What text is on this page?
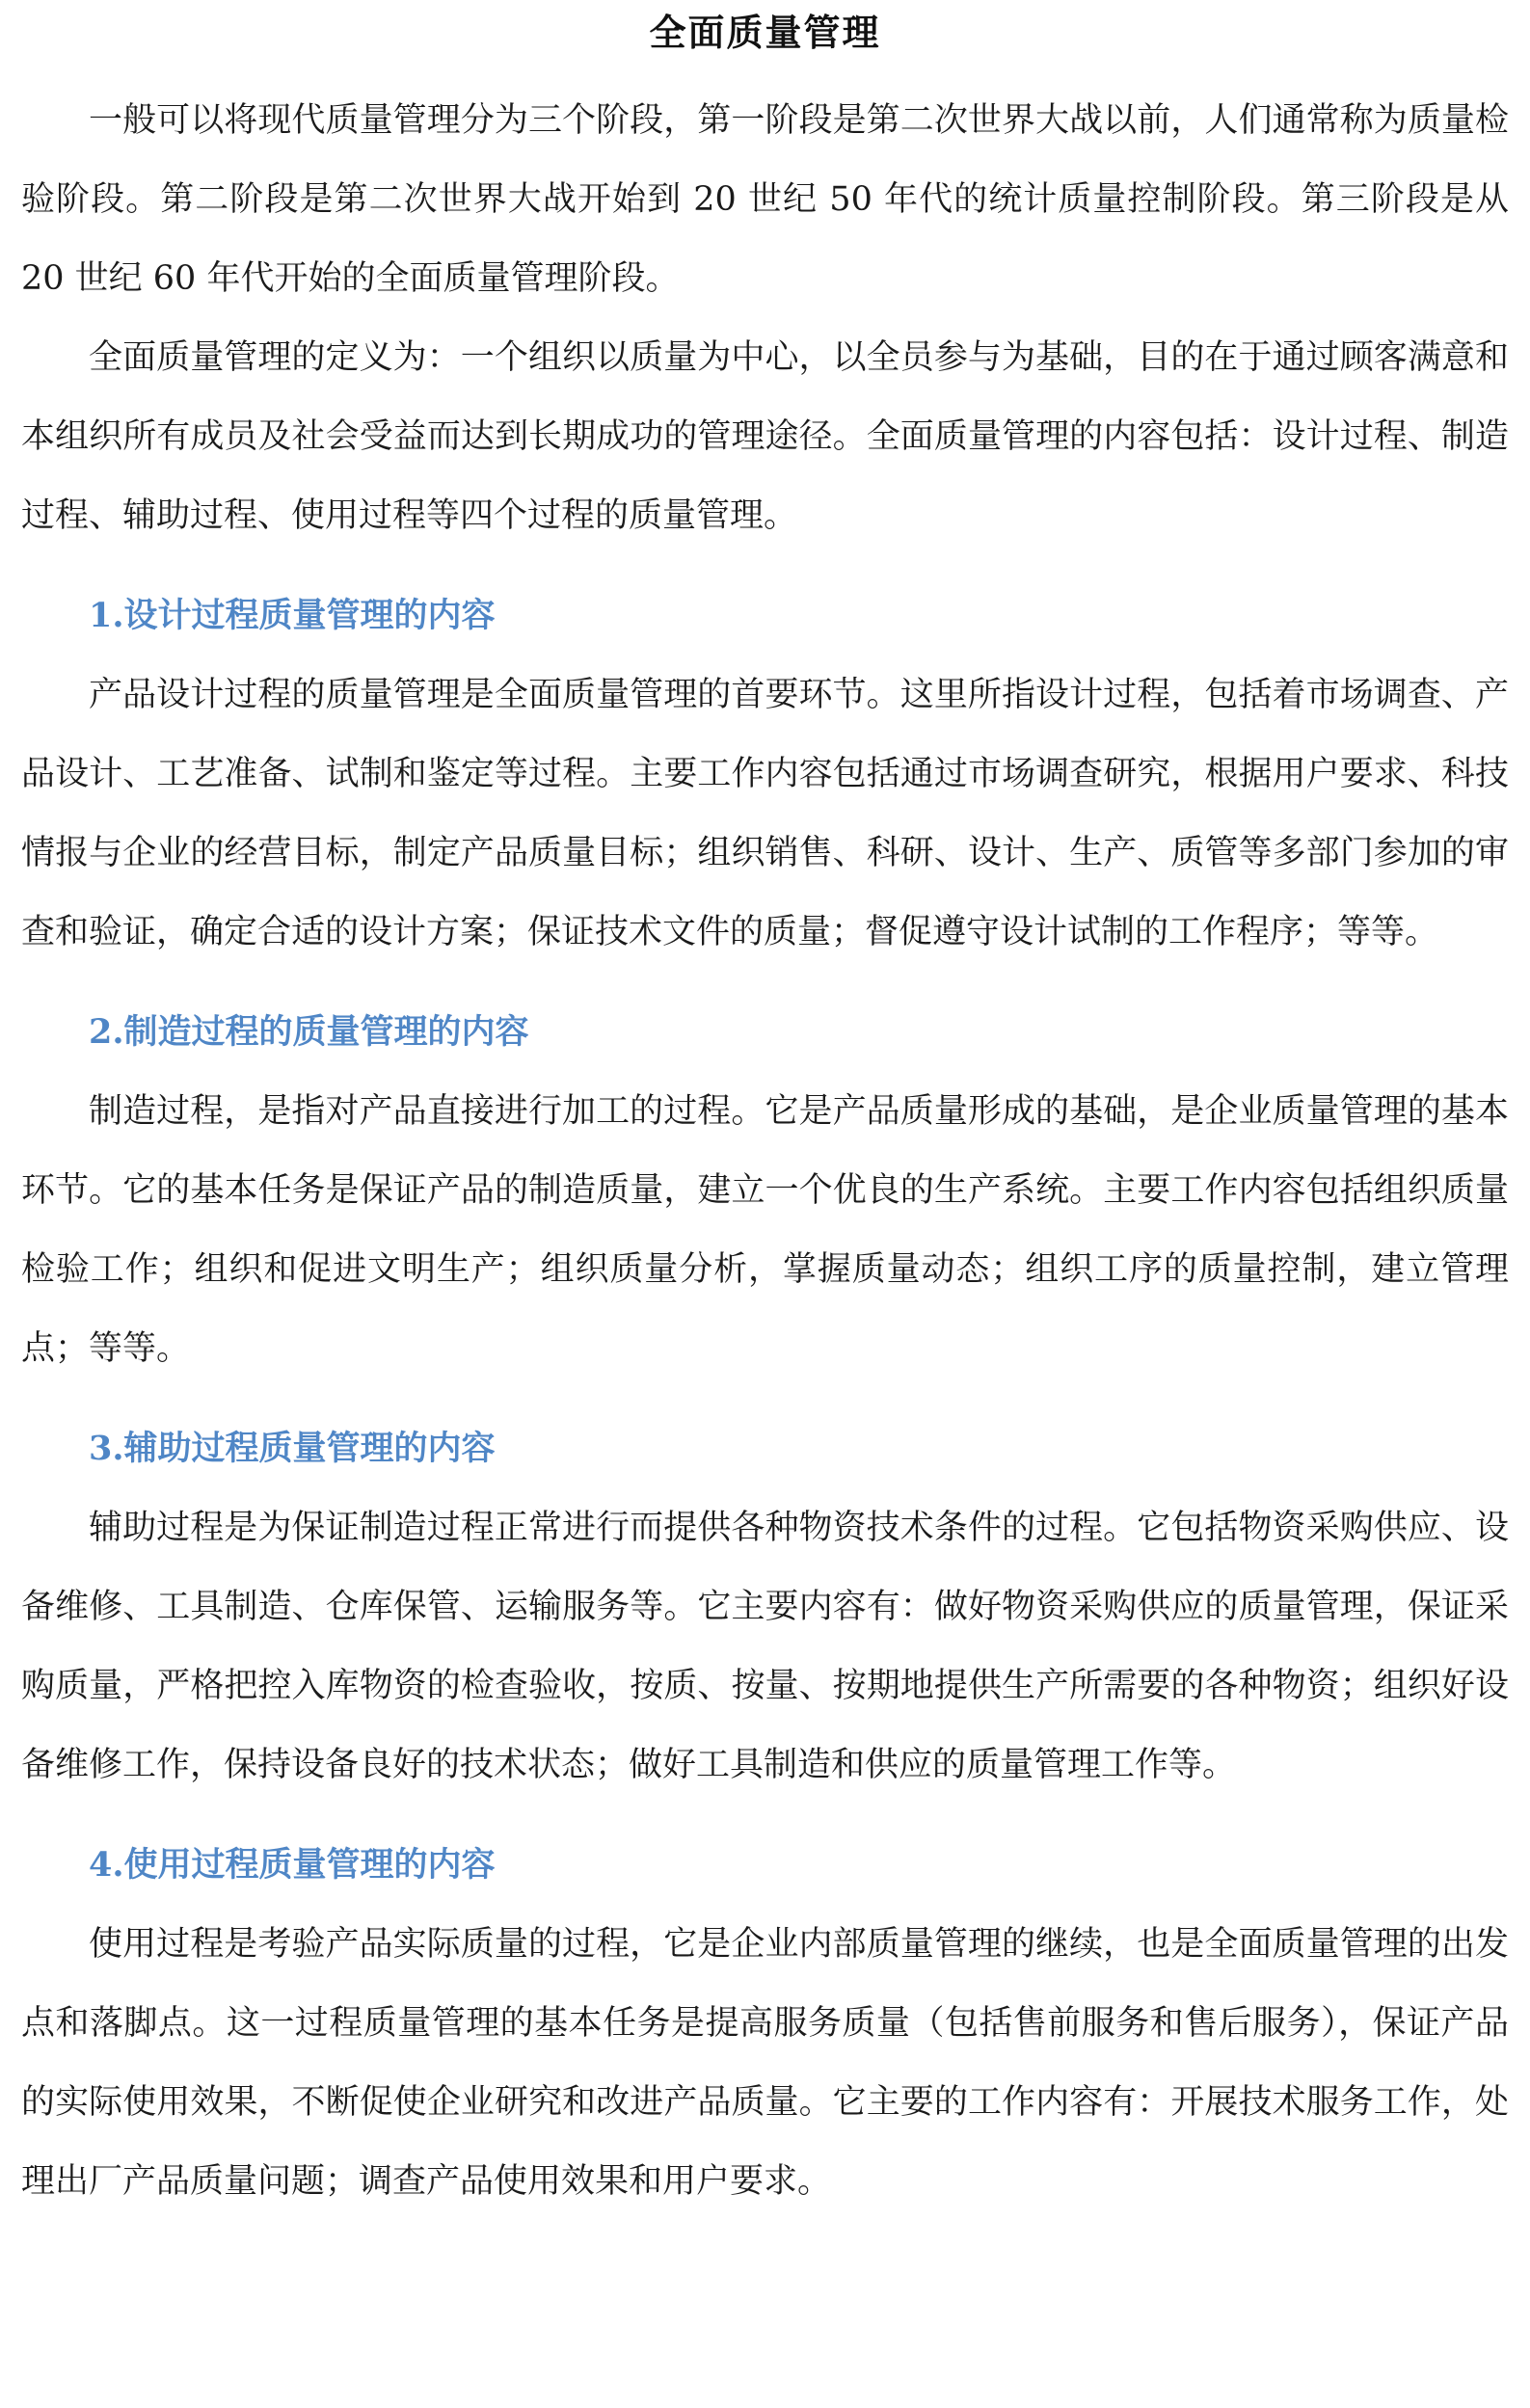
全面质量管理

一般可以将现代质量管理分为三个阶段，第一阶段是第二次世界大战以前，人们通常称为质量检验阶段。第二阶段是第二次世界大战开始到 20 世纪 50 年代的统计质量控制阶段。第三阶段是从 20 世纪 60 年代开始的全面质量管理阶段。

全面质量管理的定义为：一个组织以质量为中心，以全员参与为基础，目的在于通过顾客满意和本组织所有成员及社会受益而达到长期成功的管理途径。全面质量管理的内容包括：设计过程、制造过程、辅助过程、使用过程等四个过程的质量管理。

1.设计过程质量管理的内容

产品设计过程的质量管理是全面质量管理的首要环节。这里所指设计过程，包括着市场调查、产品设计、工艺准备、试制和鉴定等过程。主要工作内容包括通过市场调查研究，根据用户要求、科技情报与企业的经营目标，制定产品质量目标；组织销售、科研、设计、生产、质管等多部门参加的审查和验证，确定合适的设计方案；保证技术文件的质量；督促遵守设计试制的工作程序；等等。

2.制造过程的质量管理的内容

制造过程，是指对产品直接进行加工的过程。它是产品质量形成的基础，是企业质量管理的基本环节。它的基本任务是保证产品的制造质量，建立一个优良的生产系统。主要工作内容包括组织质量检验工作；组织和促进文明生产；组织质量分析，掌握质量动态；组织工序的质量控制，建立管理点；等等。

3.辅助过程质量管理的内容

辅助过程是为保证制造过程正常进行而提供各种物资技术条件的过程。它包括物资采购供应、设备维修、工具制造、仓库保管、运输服务等。它主要内容有：做好物资采购供应的质量管理，保证采购质量，严格把控入库物资的检查验收，按质、按量、按期地提供生产所需要的各种物资；组织好设备维修工作，保持设备良好的技术状态；做好工具制造和供应的质量管理工作等。

4.使用过程质量管理的内容

使用过程是考验产品实际质量的过程，它是企业内部质量管理的继续，也是全面质量管理的出发点和落脚点。这一过程质量管理的基本任务是提高服务质量（包括售前服务和售后服务），保证产品的实际使用效果，不断促使企业研究和改进产品质量。它主要的工作内容有：开展技术服务工作，处理出厂产品质量问题；调查产品使用效果和用户要求。
